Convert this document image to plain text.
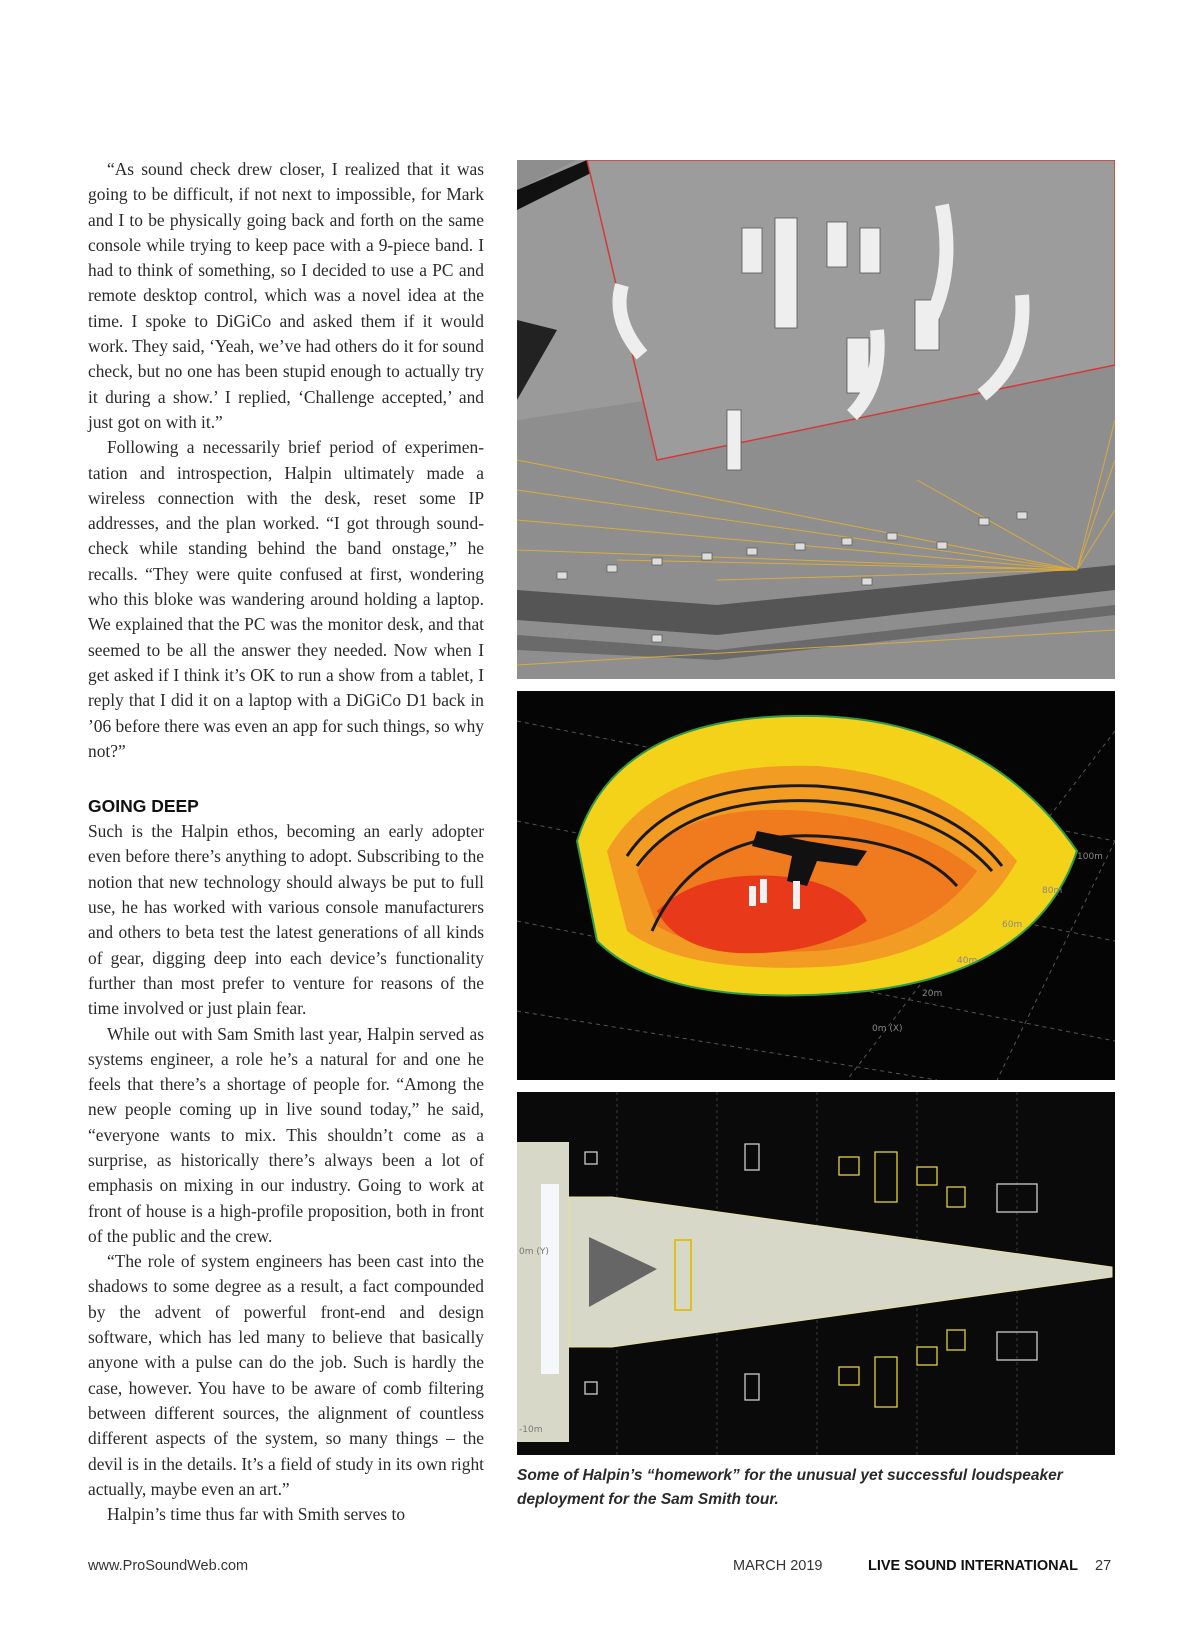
“As sound check drew closer, I realized that it was going to be difficult, if not next to impossible, for Mark and I to be physically going back and forth on the same console while trying to keep pace with a 9-piece band. I had to think of something, so I decided to use a PC and remote desktop control, which was a novel idea at the time. I spoke to DiGiCo and asked them if it would work. They said, ‘Yeah, we’ve had others do it for sound check, but no one has been stupid enough to actually try it during a show.’ I replied, ‘Challenge accepted,’ and just got on with it.”

Following a necessarily brief period of experimentation and introspection, Halpin ultimately made a wireless connection with the desk, reset some IP addresses, and the plan worked. “I got through soundcheck while standing behind the band onstage,” he recalls. “They were quite confused at first, wondering who this bloke was wandering around holding a laptop. We explained that the PC was the monitor desk, and that seemed to be all the answer they needed. Now when I get asked if I think it’s OK to run a show from a tablet, I reply that I did it on a laptop with a DiGiCo D1 back in ’06 before there was even an app for such things, so why not?”

GOING DEEP

Such is the Halpin ethos, becoming an early adopter even before there’s anything to adopt. Subscribing to the notion that new technology should always be put to full use, he has worked with various console manufacturers and others to beta test the latest generations of all kinds of gear, digging deep into each device’s functionality further than most prefer to venture for reasons of the time involved or just plain fear.

While out with Sam Smith last year, Halpin served as systems engineer, a role he’s a natural for and one he feels that there’s a shortage of people for. “Among the new people coming up in live sound today,” he said, “everyone wants to mix. This shouldn’t come as a surprise, as historically there’s always been a lot of emphasis on mixing in our industry. Going to work at front of house is a high-profile proposition, both in front of the public and the crew.

“The role of system engineers has been cast into the shadows to some degree as a result, a fact compounded by the advent of powerful front-end and design software, which has led many to believe that basically anyone with a pulse can do the job. Such is hardly the case, however. You have to be aware of comb filtering between different sources, the alignment of countless different aspects of the system, so many things – the devil is in the details. It’s a field of study in its own right actually, maybe even an art.”

Halpin’s time thus far with Smith serves to

100m
80m
60m
40m
20m
0m (X)
0m (Y)
-10m
Some of Halpin’s “homework” for the unusual yet successful loudspeaker deployment for the Sam Smith tour.
www.ProSoundWeb.com	MARCH 2019	LIVE SOUND INTERNATIONAL 27
